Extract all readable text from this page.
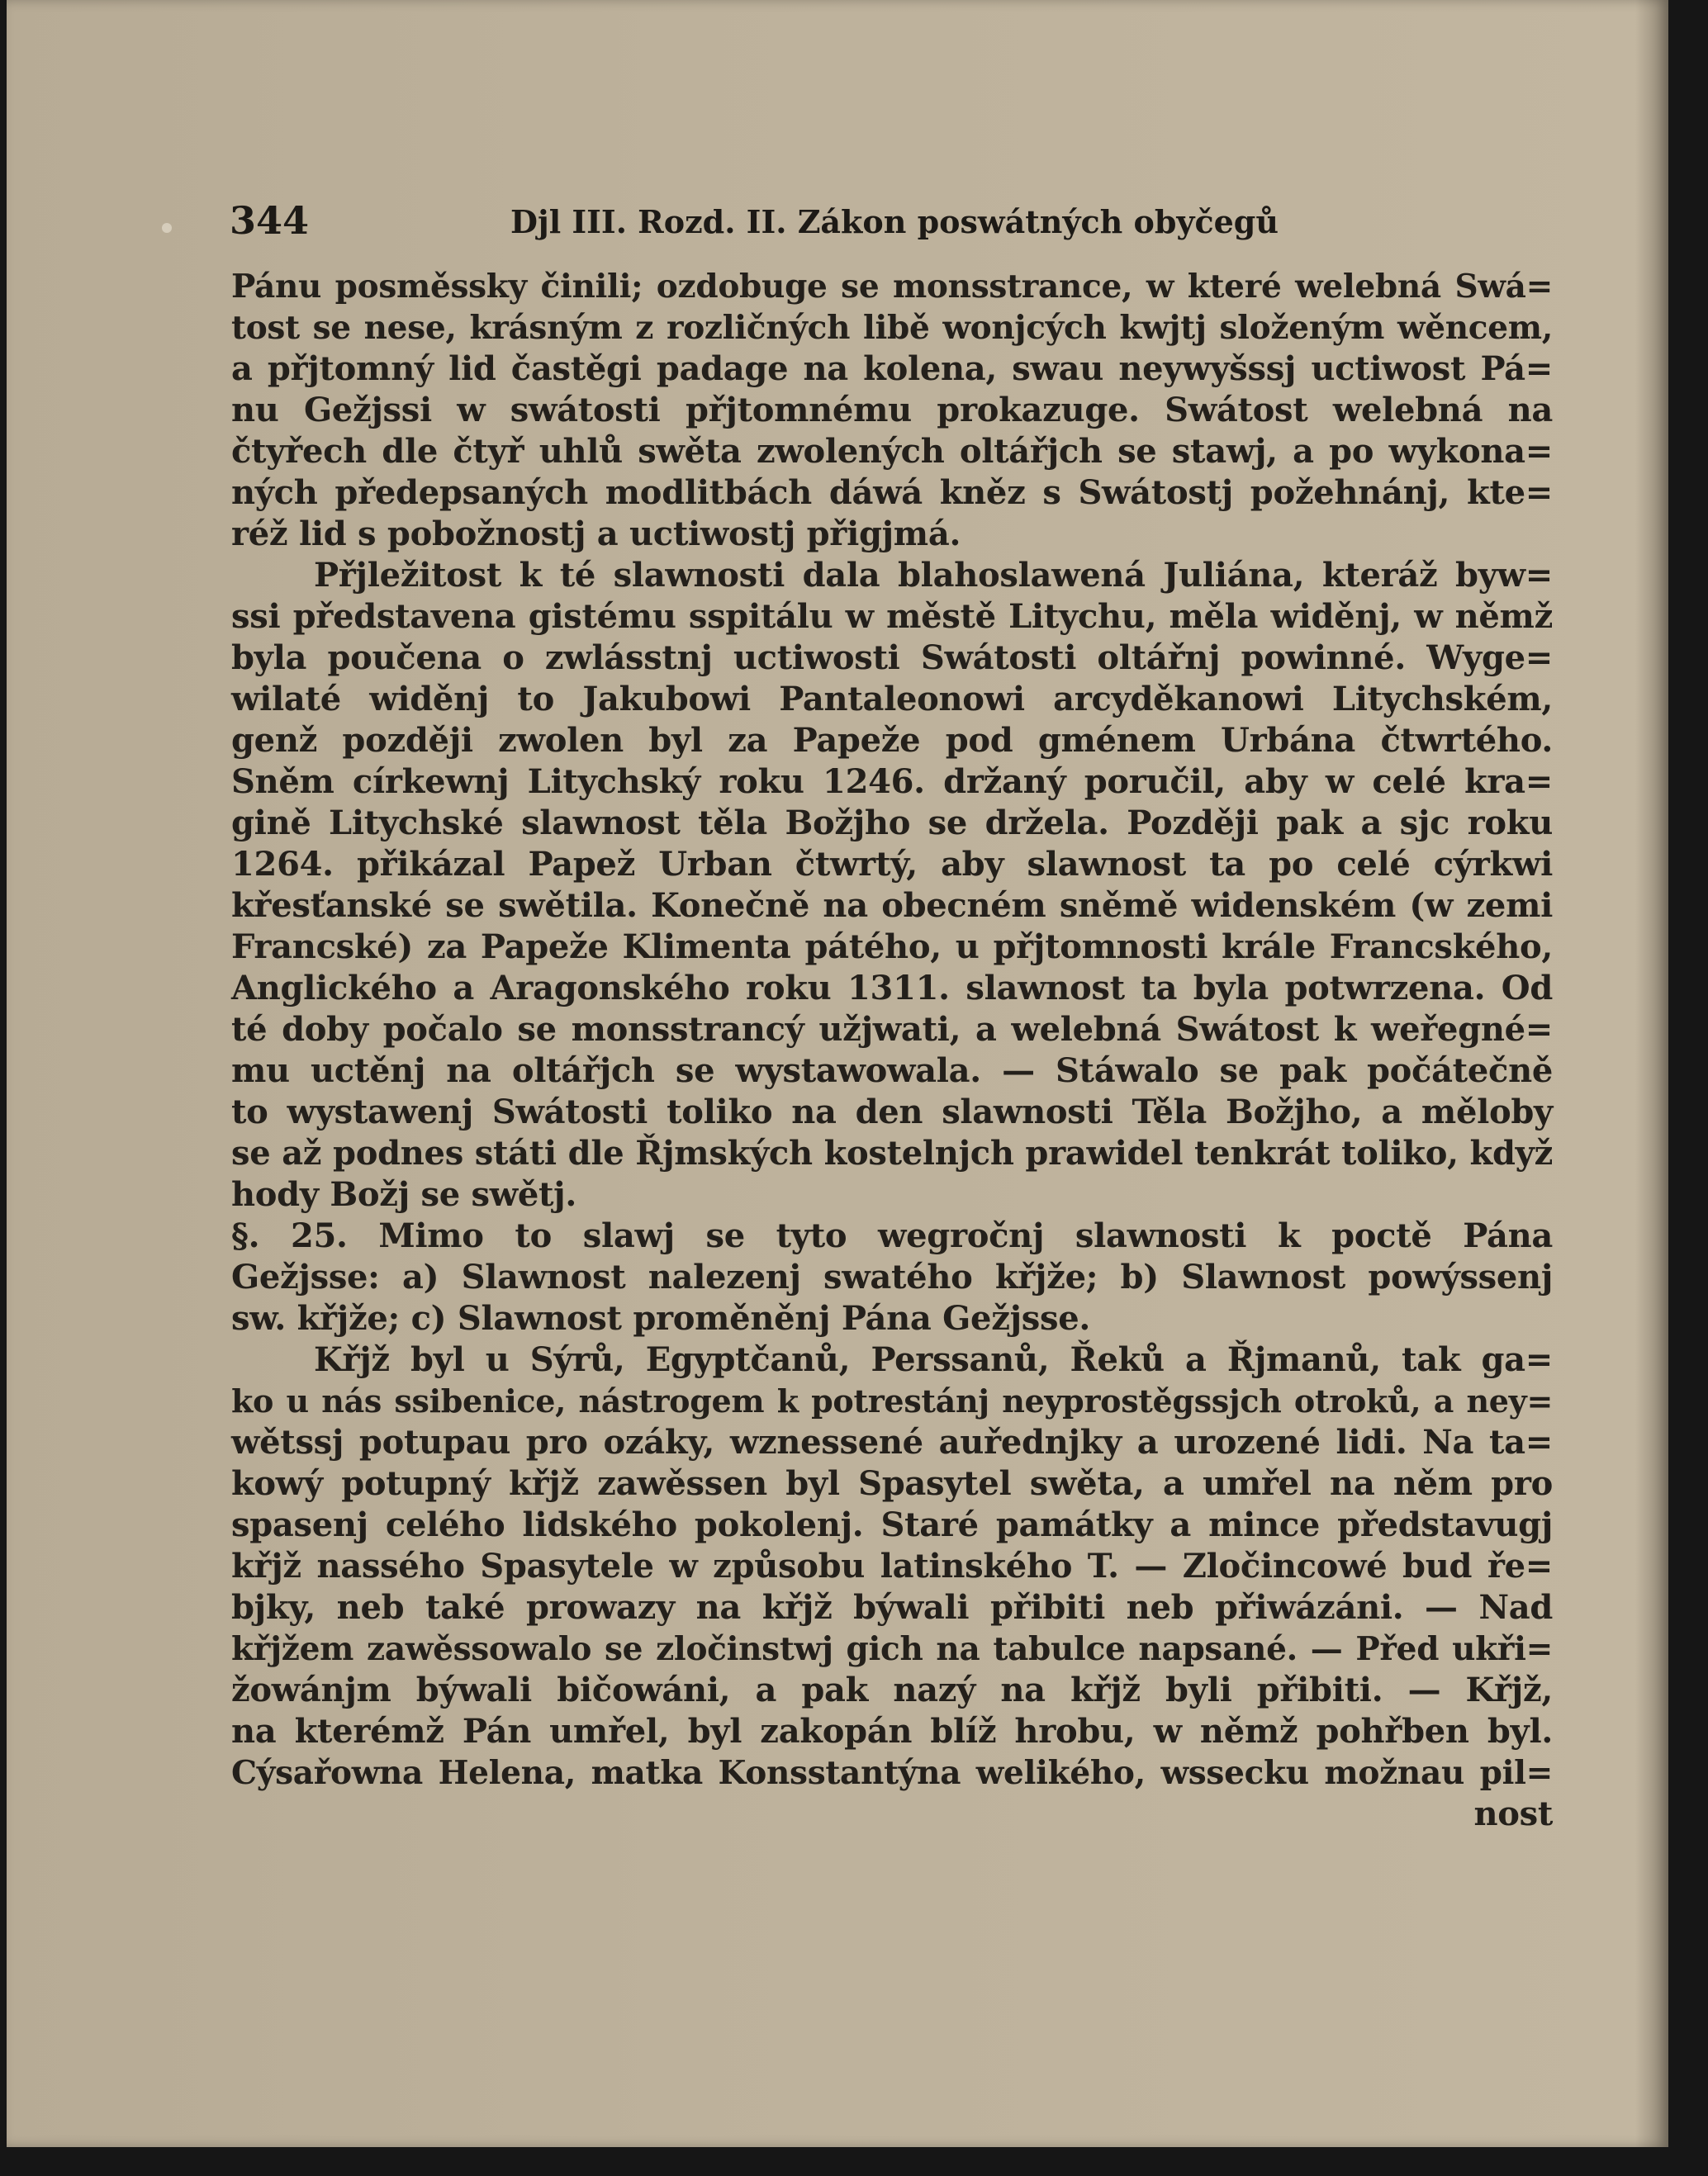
344	Djl III. Rozd. II. Zákon poswátných obyčegů
Pánu posměssky činili; ozdobuge se monsstrance, w které welebná Swá=
tost se nese, krásným z rozličných libě wonjcých kwjtj složeným wěncem,
a přjtomný lid častěgi padage na kolena, swau neywyšssj uctiwost Pá=
nu Gežjssi w swátosti přjtomnému prokazuge. Swátost welebná na
čtyřech dle čtyř uhlů swěta zwolených oltářjch se stawj, a po wykona=
ných předepsaných modlitbách dáwá kněz s Swátostj požehnánj, kte=
réž lid s pobožnostj a uctiwostj přigjmá.
Přjležitost k té slawnosti dala blahoslawená Juliána, kteráž byw=
ssi představena gistému sspitálu w městě Litychu, měla widěnj, w němž
byla poučena o zwlásstnj uctiwosti Swátosti oltářnj powinné. Wyge=
wilaté widěnj to Jakubowi Pantaleonowi arcyděkanowi Litychském,
genž později zwolen byl za Papeže pod gménem Urbána čtwrtého.
Sněm církewnj Litychský roku 1246. držaný poručil, aby w celé kra=
gině Litychské slawnost těla Božjho se držela. Později pak a sjc roku
1264. přikázal Papež Urban čtwrtý, aby slawnost ta po celé cýrkwi
křesťanské se swětila. Konečně na obecném sněmě widenském (w zemi
Francské) za Papeže Klimenta pátého, u přjtomnosti krále Francského,
Anglického a Aragonského roku 1311. slawnost ta byla potwrzena. Od
té doby počalo se monsstrancý užjwati, a welebná Swátost k weřegné=
mu uctěnj na oltářjch se wystawowala. — Stáwalo se pak počátečně
to wystawenj Swátosti toliko na den slawnosti Těla Božjho, a měloby
se až podnes státi dle Řjmských kostelnjch prawidel tenkrát toliko, když
hody Božj se swětj.
§. 25. Mimo to slawj se tyto wegročnj slawnosti k poctě Pána
Gežjsse: a) Slawnost nalezenj swatého křjže; b) Slawnost powýssenj
sw. křjže; c) Slawnost proměněnj Pána Gežjsse.
Křjž byl u Sýrů, Egyptčanů, Perssanů, Řeků a Řjmanů, tak ga=
ko u nás ssibenice, nástrogem k potrestánj neyprostěgssjch otroků, a ney=
wětssj potupau pro ozáky, wznessené auřednjky a urozené lidi. Na ta=
kowý potupný křjž zawěssen byl Spasytel swěta, a umřel na něm pro
spasenj celého lidského pokolenj. Staré památky a mince představugj
křjž nassého Spasytele w způsobu latinského T. — Zločincowé bud ře=
bjky, neb také prowazy na křjž býwali přibiti neb přiwázáni. — Nad
křjžem zawěssowalo se zločinstwj gich na tabulce napsané. — Před ukři=
žowánjm býwali bičowáni, a pak nazý na křjž byli přibiti. — Křjž,
na kterémž Pán umřel, byl zakopán blíž hrobu, w němž pohřben byl.
Cýsařowna Helena, matka Konsstantýna welikého, wssecku možnau pil=
nost
